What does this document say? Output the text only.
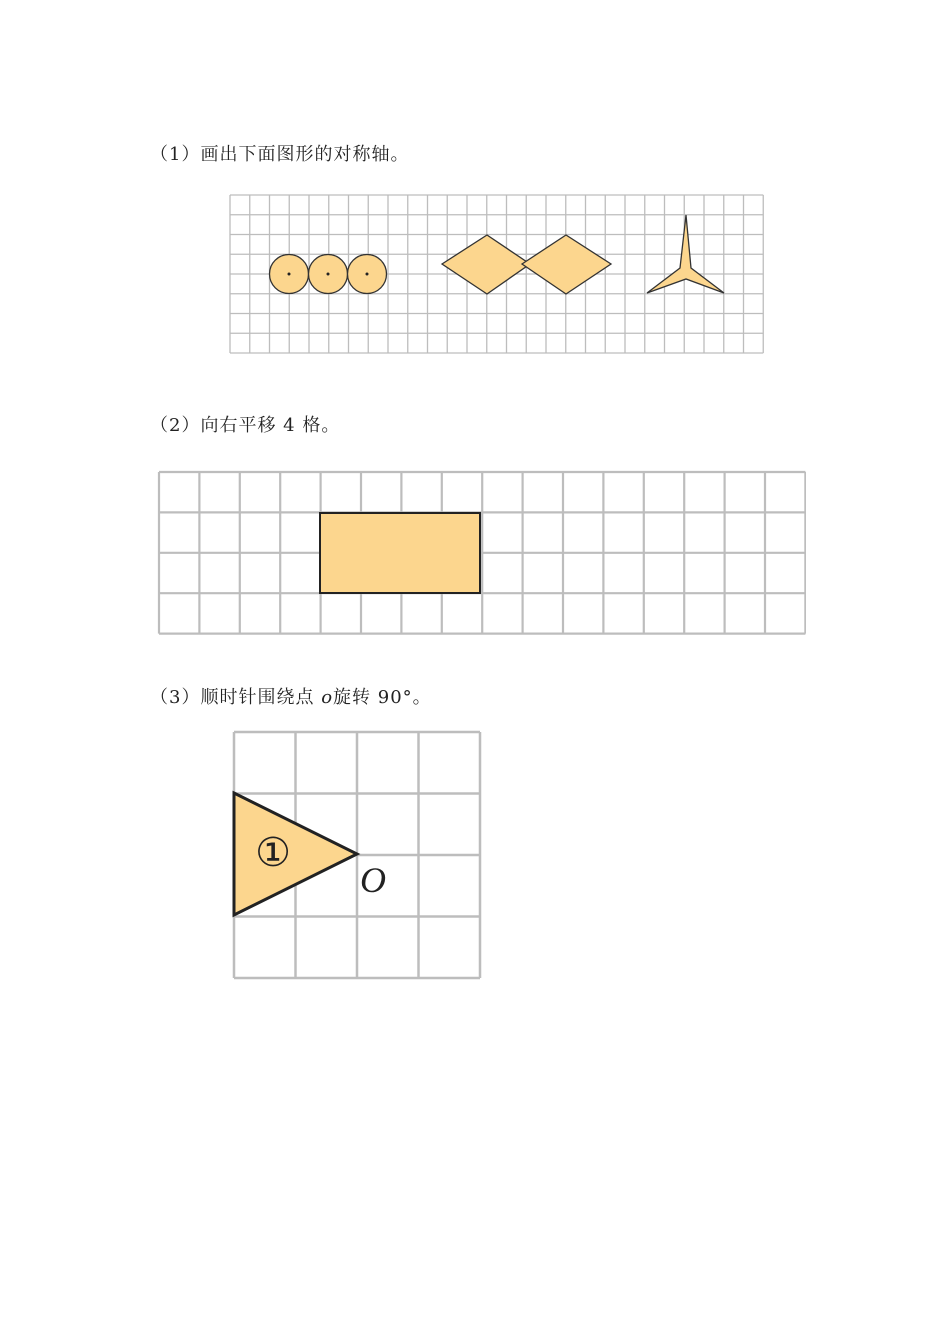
（1）画出下面图形的对称轴。
（2）向右平移 4 格。
（3）顺时针围绕点 o旋转 90°。
①
O
